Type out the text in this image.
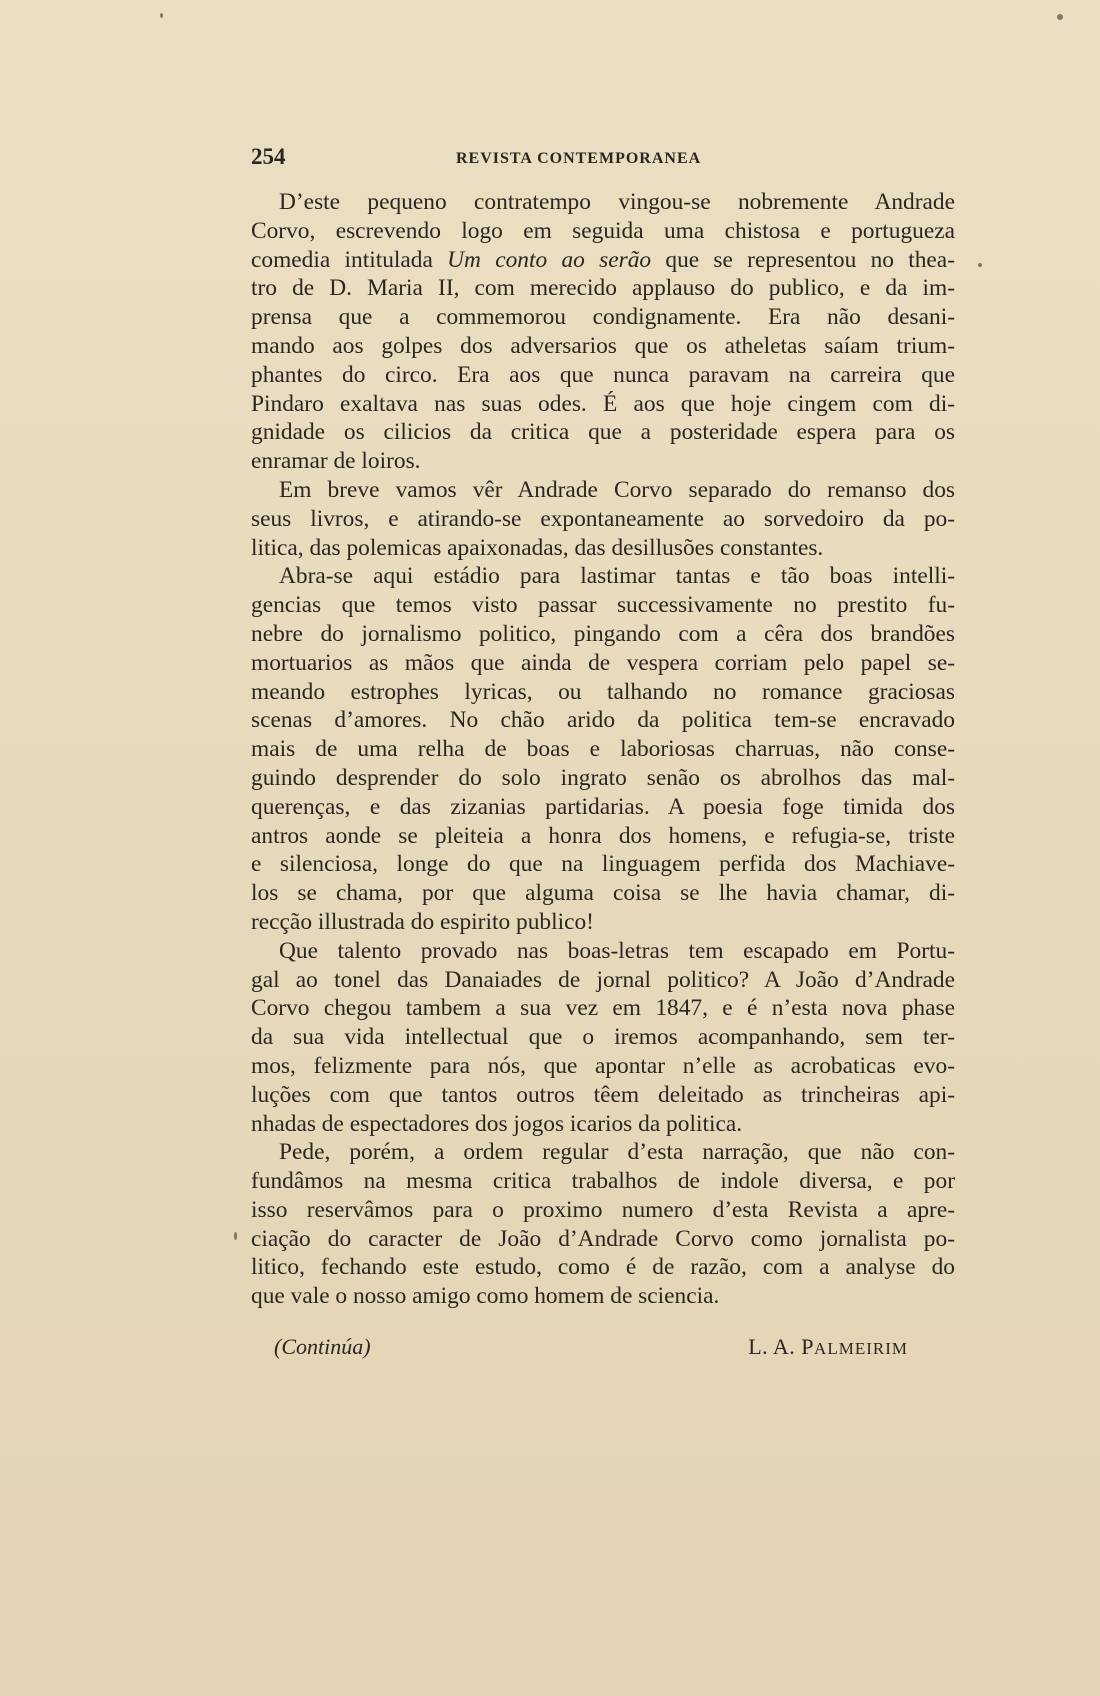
254	REVISTA CONTEMPORANEA
D’este pequeno contratempo vingou-se nobremente Andrade
Corvo, escrevendo logo em seguida uma chistosa e portugueza
comedia intitulada Um conto ao serão que se representou no thea-
tro de D. Maria II, com merecido applauso do publico, e da im-
prensa que a commemorou condignamente. Era não desani-
mando aos golpes dos adversarios que os atheletas saíam trium-
phantes do circo. Era aos que nunca paravam na carreira que
Pindaro exaltava nas suas odes. É aos que hoje cingem com di-
gnidade os cilicios da critica que a posteridade espera para os
enramar de loiros.
Em breve vamos vêr Andrade Corvo separado do remanso dos
seus livros, e atirando-se expontaneamente ao sorvedoiro da po-
litica, das polemicas apaixonadas, das desillusões constantes.
Abra-se aqui estádio para lastimar tantas e tão boas intelli-
gencias que temos visto passar successivamente no prestito fu-
nebre do jornalismo politico, pingando com a cêra dos brandões
mortuarios as mãos que ainda de vespera corriam pelo papel se-
meando estrophes lyricas, ou talhando no romance graciosas
scenas d’amores. No chão arido da politica tem-se encravado
mais de uma relha de boas e laboriosas charruas, não conse-
guindo desprender do solo ingrato senão os abrolhos das mal-
querenças, e das zizanias partidarias. A poesia foge timida dos
antros aonde se pleiteia a honra dos homens, e refugia-se, triste
e silenciosa, longe do que na linguagem perfida dos Machiave-
los se chama, por que alguma coisa se lhe havia chamar, di-
recção illustrada do espirito publico!
Que talento provado nas boas-letras tem escapado em Portu-
gal ao tonel das Danaiades de jornal politico? A João d’Andrade
Corvo chegou tambem a sua vez em 1847, e é n’esta nova phase
da sua vida intellectual que o iremos acompanhando, sem ter-
mos, felizmente para nós, que apontar n’elle as acrobaticas evo-
luções com que tantos outros têem deleitado as trincheiras api-
nhadas de espectadores dos jogos icarios da politica.
Pede, porém, a ordem regular d’esta narração, que não con-
fundâmos na mesma critica trabalhos de indole diversa, e por
isso reservâmos para o proximo numero d’esta Revista a apre-
ciação do caracter de João d’Andrade Corvo como jornalista po-
litico, fechando este estudo, como é de razão, com a analyse do
que vale o nosso amigo como homem de sciencia.
(Continúa)	L. A. PALMEIRIM
